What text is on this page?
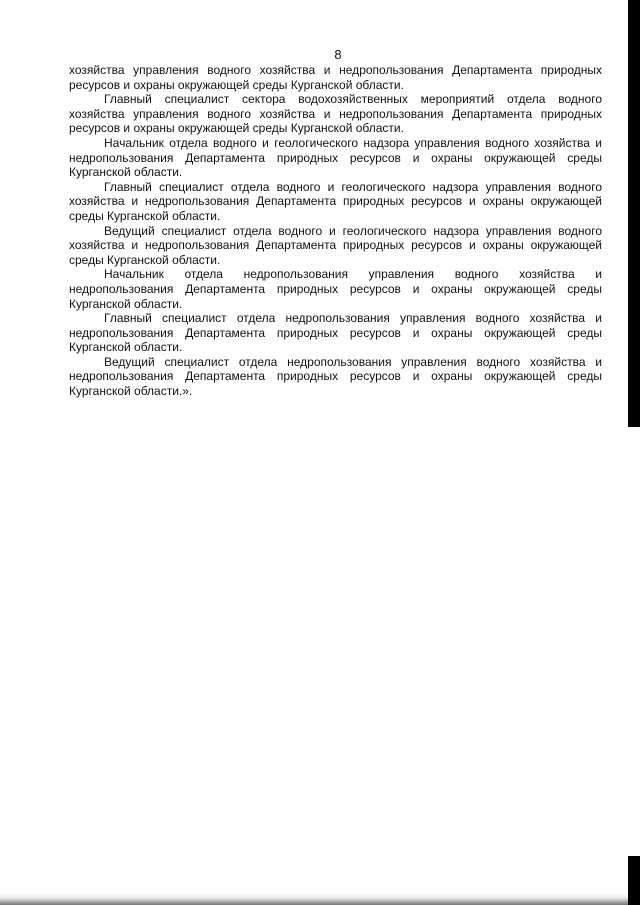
8

хозяйства управления водного хозяйства и недропользования Департамента природных ресурсов и охраны окружающей среды Курганской области.

Главный специалист сектора водохозяйственных мероприятий отдела водного хозяйства управления водного хозяйства и недропользования Департамента природных ресурсов и охраны окружающей среды Курганской области.

Начальник отдела водного и геологического надзора управления водного хозяйства и недропользования Департамента природных ресурсов и охраны окружающей среды Курганской области.

Главный специалист отдела водного и геологического надзора управления водного хозяйства и недропользования Департамента природных ресурсов и охраны окружающей среды Курганской области.

Ведущий специалист отдела водного и геологического надзора управления водного хозяйства и недропользования Департамента природных ресурсов и охраны окружающей среды Курганской области.

Начальник отдела недропользования управления водного хозяйства и недропользования Департамента природных ресурсов и охраны окружающей среды Курганской области.

Главный специалист отдела недропользования управления водного хозяйства и недропользования Департамента природных ресурсов и охраны окружающей среды Курганской области.

Ведущий специалист отдела недропользования управления водного хозяйства и недропользования Департамента природных ресурсов и охраны окружающей среды Курганской области.».
